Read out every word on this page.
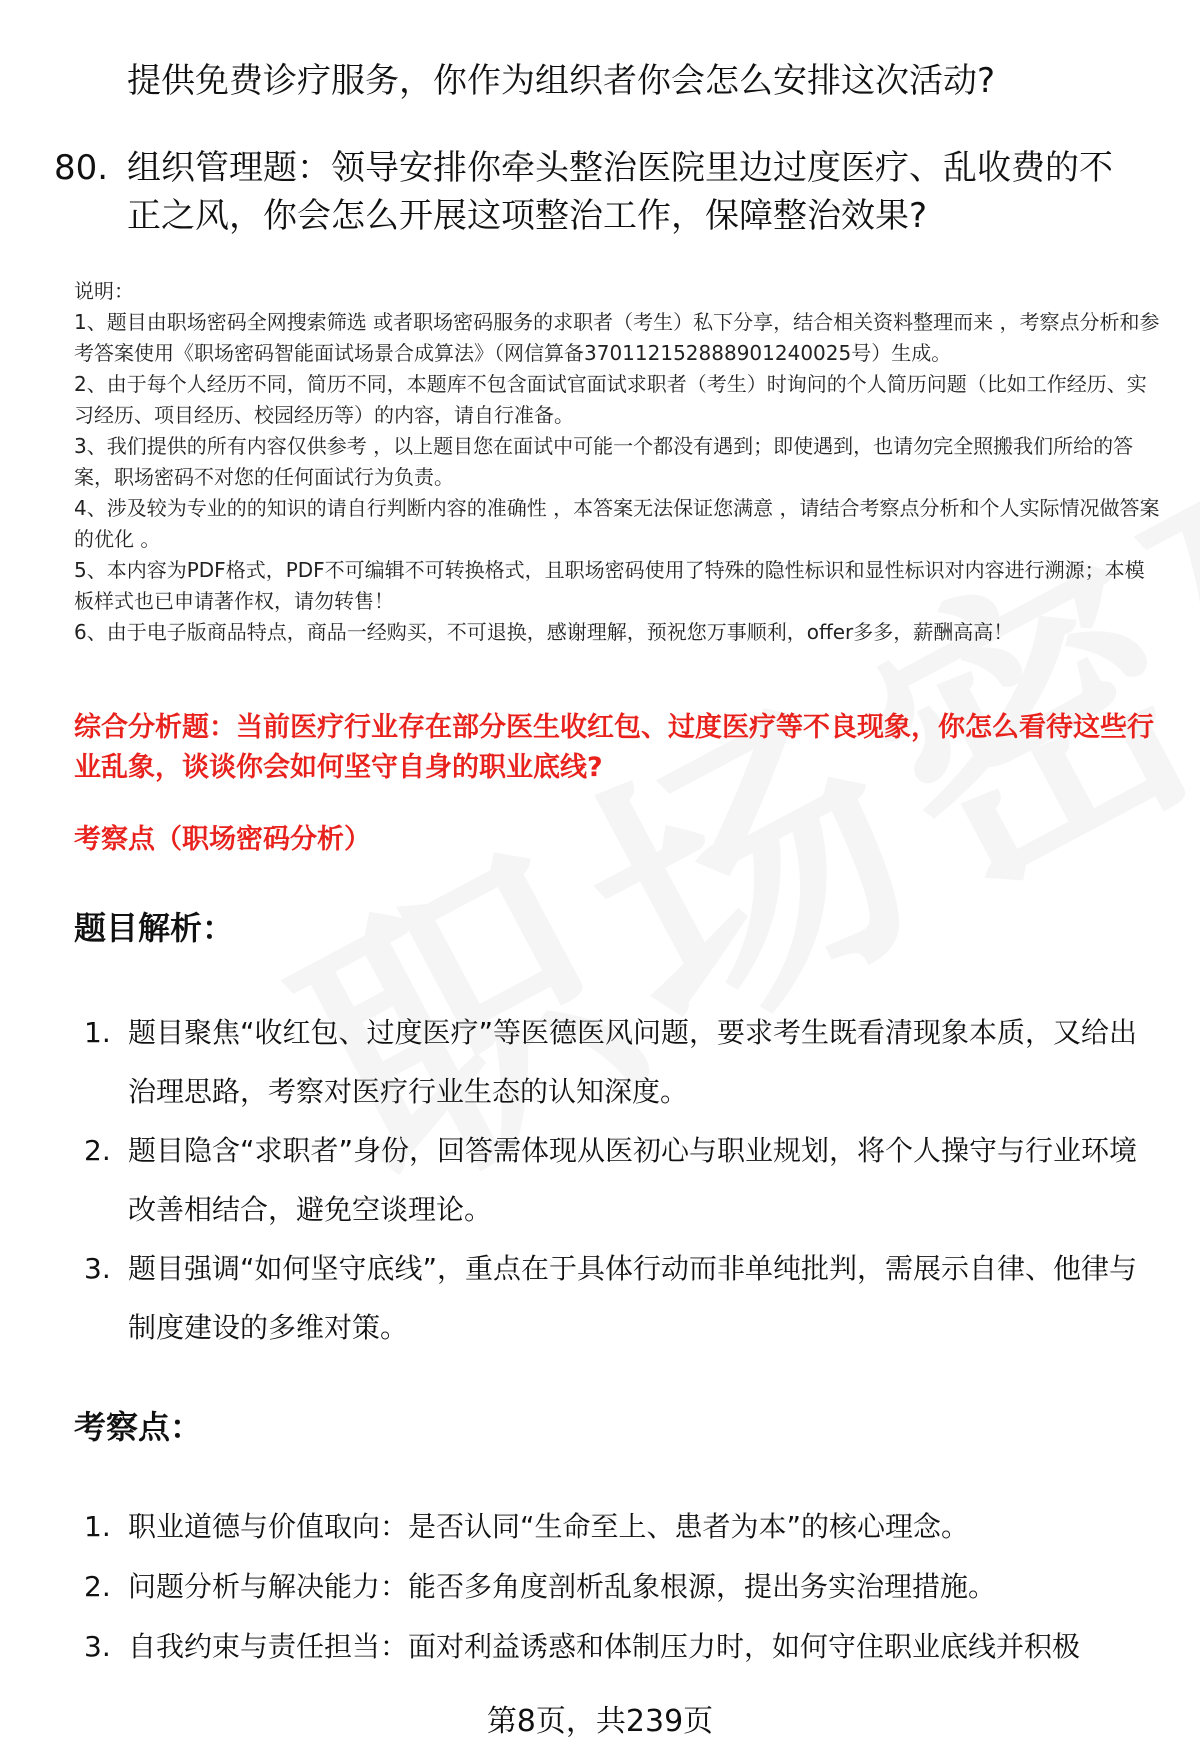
提供免费诊疗服务，你作为组织者你会怎么安排这次活动?
80. 组织管理题：领导安排你牵头整治医院里边过度医疗、乱收费的不正之风，你会怎么开展这项整治工作，保障整治效果?
说明：
1、题目由职场密码全网搜索筛选 或者职场密码服务的求职者（考生）私下分享，结合相关资料整理而来 ，考察点分析和参考答案使用《职场密码智能面试场景合成算法》（网信算备370112152888901240025号）生成。
2、由于每个人经历不同，简历不同，本题库不包含面试官面试求职者（考生）时询问的个人简历问题（比如工作经历、实习经历、项目经历、校园经历等）的内容，请自行准备。
3、我们提供的所有内容仅供参考 ，以上题目您在面试中可能一个都没有遇到；即使遇到，也请勿完全照搬我们所给的答案，职场密码不对您的任何面试行为负责。
4、涉及较为专业的的知识的请自行判断内容的准确性 ，本答案无法保证您满意 ，请结合考察点分析和个人实际情况做答案的优化 。
5、本内容为PDF格式，PDF不可编辑不可转换格式，且职场密码使用了特殊的隐性标识和显性标识对内容进行溯源；本模板样式也已申请著作权，请勿转售！
6、由于电子版商品特点，商品一经购买，不可退换，感谢理解，预祝您万事顺利，offer多多，薪酬高高！
综合分析题：当前医疗行业存在部分医生收红包、过度医疗等不良现象，你怎么看待这些行业乱象，谈谈你会如何坚守自身的职业底线?
考察点（职场密码分析）
题目解析：
1. 题目聚焦“收红包、过度医疗”等医德医风问题，要求考生既看清现象本质，又给出治理思路，考察对医疗行业生态的认知深度。
2. 题目隐含“求职者”身份，回答需体现从医初心与职业规划，将个人操守与行业环境改善相结合，避免空谈理论。
3. 题目强调“如何坚守底线”，重点在于具体行动而非单纯批判，需展示自律、他律与制度建设的多维对策。
考察点：
1. 职业道德与价值取向：是否认同“生命至上、患者为本”的核心理念。
2. 问题分析与解决能力：能否多角度剖析乱象根源，提出务实治理措施。
3. 自我约束与责任担当：面对利益诱惑和体制压力时，如何守住职业底线并积极
第8页，共239页
